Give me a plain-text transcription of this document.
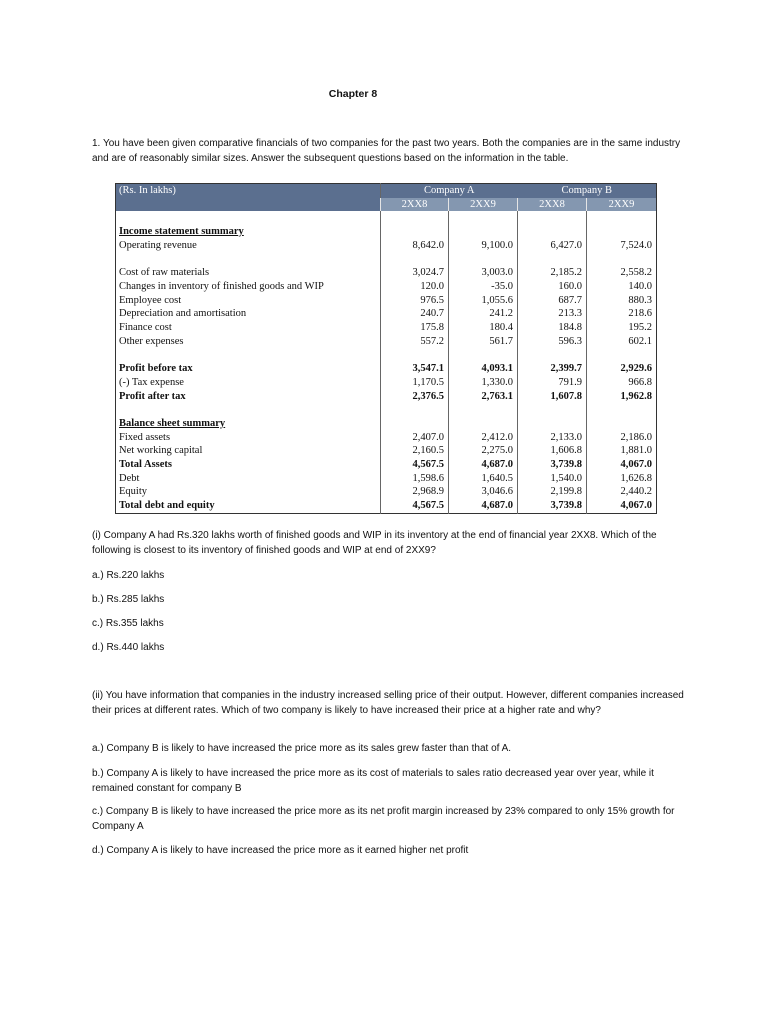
Chapter 8
1. You have been given comparative financials of two companies for the past two years. Both the companies are in the same industry and are of reasonably similar sizes. Answer the subsequent questions based on the information in the table.
(Rs. In lakhs)	Company A		Company B	
	2XX8	2XX9	2XX8	2XX9

Income statement summary				
Operating revenue	8,642.0	9,100.0	6,427.0	7,524.0

Cost of raw materials	3,024.7	3,003.0	2,185.2	2,558.2
Changes in inventory of finished goods and WIP	120.0	-35.0	160.0	140.0
Employee cost	976.5	1,055.6	687.7	880.3
Depreciation and amortisation	240.7	241.2	213.3	218.6
Finance cost	175.8	180.4	184.8	195.2
Other expenses	557.2	561.7	596.3	602.1

Profit before tax	3,547.1	4,093.1	2,399.7	2,929.6
(-) Tax expense	1,170.5	1,330.0	791.9	966.8
Profit after tax	2,376.5	2,763.1	1,607.8	1,962.8

Balance sheet summary				
Fixed assets	2,407.0	2,412.0	2,133.0	2,186.0
Net working capital	2,160.5	2,275.0	1,606.8	1,881.0
Total Assets	4,567.5	4,687.0	3,739.8	4,067.0
Debt	1,598.6	1,640.5	1,540.0	1,626.8
Equity	2,968.9	3,046.6	2,199.8	2,440.2
Total debt and equity	4,567.5	4,687.0	3,739.8	4,067.0
(i) Company A had Rs.320 lakhs worth of finished goods and WIP in its inventory at the end of financial year 2XX8. Which of the following is closest to its inventory of finished goods and WIP at end of 2XX9?
a.) Rs.220 lakhs
b.) Rs.285 lakhs
c.) Rs.355 lakhs
d.) Rs.440 lakhs
(ii) You have information that companies in the industry increased selling price of their output. However, different companies increased their prices at different rates. Which of two company is likely to have increased their price at a higher rate and why?
a.) Company B is likely to have increased the price more as its sales grew faster than that of A.
b.) Company A is likely to have increased the price more as its cost of materials to sales ratio decreased year over year, while it remained constant for company B
c.) Company B is likely to have increased the price more as its net profit margin increased by 23% compared to only 15% growth for Company A
d.) Company A is likely to have increased the price more as it earned higher net profit
